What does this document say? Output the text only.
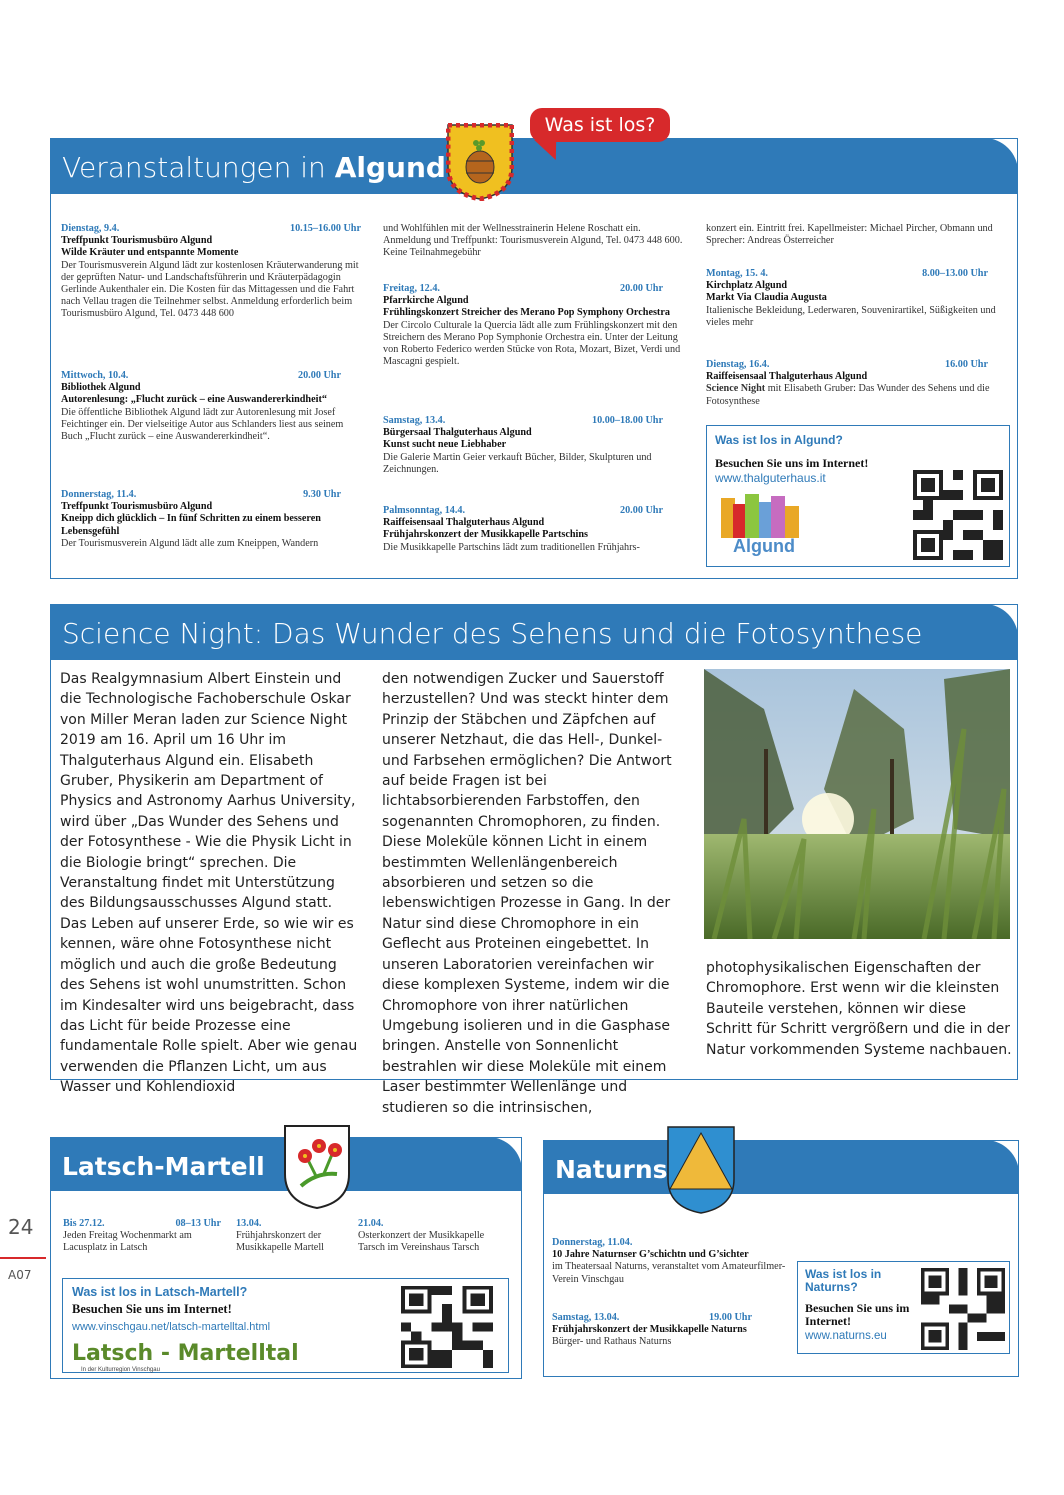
Veranstaltungen in Algund
Was ist los?
Dienstag, 9.4.	10.15–16.00 Uhr
Treffpunkt Tourismusbüro Algund
Wilde Kräuter und entspannte Momente

Der Tourismusverein Algund lädt zur kostenlosen Kräuterwanderung mit der geprüften Natur- und Landschaftsführerin und Kräuterpädagogin Gerlinde Aukenthaler ein. Die Kosten für das Mittagessen und die Fahrt nach Vellau tragen die Teilnehmer selbst. Anmeldung erforderlich beim Tourismusbüro Algund, Tel. 0473 448 600

Mittwoch, 10.4.	20.00 Uhr
Bibliothek Algund
Autorenlesung: „Flucht zurück – eine Auswandererkindheit“

Die öffentliche Bibliothek Algund lädt zur Autorenlesung mit Josef Feichtinger ein. Der vielseitige Autor aus Schlanders liest aus seinem Buch „Flucht zurück – eine Auswandererkindheit“.

Donnerstag, 11.4.	9.30 Uhr
Treffpunkt Tourismusbüro Algund
Kneipp dich glücklich – In fünf Schritten zu einem besseren Lebensgefühl

Der Tourismusverein Algund lädt alle zum Kneippen, Wandern

und Wohlfühlen mit der Wellnesstrainerin Helene Roschatt ein. Anmeldung und Treffpunkt: Tourismusverein Algund, Tel. 0473 448 600. Keine Teilnahmegebühr

Freitag, 12.4.	20.00 Uhr
Pfarrkirche Algund
Frühlingskonzert Streicher des Merano Pop Symphony Orchestra

Der Circolo Culturale la Quercia lädt alle zum Frühlingskonzert mit den Streichern des Merano Pop Symphonie Orchestra ein. Unter der Leitung von Roberto Federico werden Stücke von Rota, Mozart, Bizet, Verdi und Mascagni gespielt.

Samstag, 13.4.	10.00–18.00 Uhr
Bürgersaal Thalguterhaus Algund
Kunst sucht neue Liebhaber

Die Galerie Martin Geier verkauft Bücher, Bilder, Skulpturen und Zeichnungen.

Palmsonntag, 14.4.	20.00 Uhr
Raiffeisensaal Thalguterhaus Algund
Frühjahrskonzert der Musikkapelle Partschins

Die Musikkapelle Partschins lädt zum traditionellen Frühjahrs-

konzert ein. Eintritt frei. Kapellmeister: Michael Pircher, Obmann und Sprecher: Andreas Österreicher

Montag, 15. 4.	8.00–13.00 Uhr
Kirchplatz Algund
Markt Via Claudia Augusta

Italienische Bekleidung, Lederwaren, Souvenirartikel, Süßigkeiten und vieles mehr

Dienstag, 16.4.	16.00 Uhr
Raiffeisensaal Thalguterhaus Algund

Science Night mit Elisabeth Gruber: Das Wunder des Sehens und die Fotosynthese

Was ist los in Algund?
Besuchen Sie uns im Internet!
www.thalguterhaus.it
Algund
Science Night: Das Wunder des Sehens und die Fotosynthese

Das Realgymnasium Albert Einstein und die Technologische Fachoberschule Oskar von Miller Meran laden zur Science Night 2019 am 16. April um 16 Uhr im Thalguterhaus Algund ein. Elisabeth Gruber, Physikerin am Department of Physics and Astronomy Aarhus University, wird über „Das Wunder des Sehens und der Fotosynthese - Wie die Physik Licht in die Biologie bringt“ sprechen. Die Veranstaltung findet mit Unterstützung des Bildungsausschusses Algund statt.

Das Leben auf unserer Erde, so wie wir es kennen, wäre ohne Fotosynthese nicht möglich und auch die große Bedeutung des Sehens ist wohl unumstritten. Schon im Kindesalter wird uns beigebracht, dass das Licht für beide Prozesse eine fundamentale Rolle spielt. Aber wie genau verwenden die Pflanzen Licht, um aus Wasser und Kohlendioxid

den notwendigen Zucker und Sauerstoff herzustellen? Und was steckt hinter dem Prinzip der Stäbchen und Zäpfchen auf unserer Netzhaut, die das Hell-, Dunkel- und Farbsehen ermöglichen? Die Antwort auf beide Fragen ist bei lichtabsorbierenden Farbstoffen, den sogenannten Chromophoren, zu finden. Diese Moleküle können Licht in einem bestimmten Wellenlängenbereich absorbieren und setzen so die lebenswichtigen Prozesse in Gang. In der Natur sind diese Chromophore in ein Geflecht aus Proteinen eingebettet. In unseren Laboratorien vereinfachen wir diese komplexen Systeme, indem wir die Chromophore von ihrer natürlichen Umgebung isolieren und in die Gasphase bringen. Anstelle von Sonnenlicht bestrahlen wir diese Moleküle mit einem Laser bestimmter Wellenlänge und studieren so die intrinsischen,

photophysikalischen Eigenschaften der Chromophore. Erst wenn wir die kleinsten Bauteile verstehen, können wir diese Schritt für Schritt vergrößern und die in der Natur vorkommenden Systeme nachbauen.

Latsch-Martell
Bis 27.12.	08–13 Uhr

Jeden Freitag Wochenmarkt am Lacusplatz in Latsch

13.04.

Frühjahrskonzert der Musikkapelle Martell

21.04.

Osterkonzert der Musikkapelle Tarsch im Vereinshaus Tarsch

Was ist los in Latsch-Martell?
Besuchen Sie uns im Internet!
www.vinschgau.net/latsch-martelltal.html
Latsch - Martelltal
In der Kulturregion Vinschgau
Naturns
Donnerstag, 11.04.
10 Jahre Naturnser G’schichtn und G’sichter

im Theatersaal Naturns, veranstaltet vom Amateurfilmer-Verein Vinschgau

Samstag, 13.04.	19.00 Uhr
Frühjahrskonzert der Musikkapelle Naturns

Bürger- und Rathaus Naturns

Was ist los in Naturns?
Besuchen Sie uns im Internet!
www.naturns.eu
24
A07
